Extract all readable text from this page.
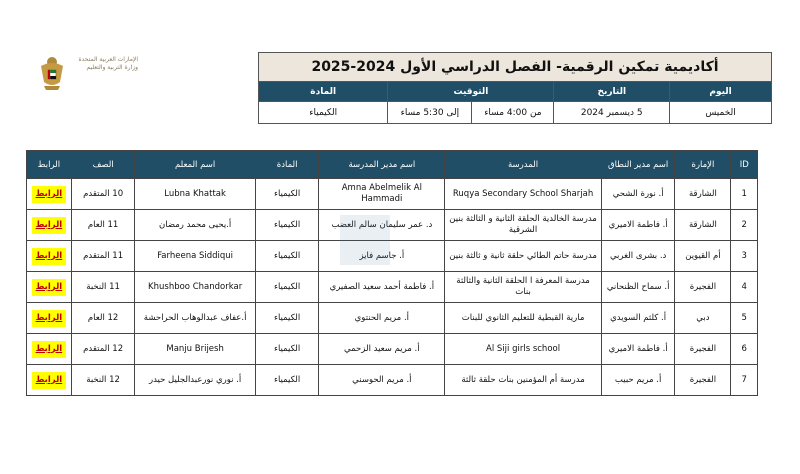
الإمارات العربية المتحدة وزارة التربية والتعليم	أكاديمية تمكين الرقمية- الفصل الدراسي الأول 2024-2025				
المادة	التوقيت		التاريخ	اليوم
الكيمياء	إلى 5:30 مساء	من 4:00 مساء	5 ديسمبر 2024	الخميس
الرابط	الصف	اسم المعلم	المادة	اسم مدير المدرسة	المدرسة	اسم مدير النطاق	الإمارة	ID
الرابط	10 المتقدم	Lubna Khattak	الكيمياء	Amna Abelmelik Al Hammadi	Ruqya Secondary School Sharjah	أ. نورة الشحي	الشارقة	1
الرابط	11 العام	أ.يحيى محمد رمضان	الكيمياء	د. عمر سليمان سالم العضب	مدرسة الخالدية الحلقة الثانية و الثالثة بنين الشرقية	أ. فاطمة الاميري	الشارقة	2
الرابط	11 المتقدم	Farheena Siddiqui	الكيمياء	أ. جاسم فايز	مدرسة حاتم الطائي حلقة ثانية و ثالثة بنين	د. بشرى الغربي	أم القيوين	3
الرابط	11 النخبة	Khushboo Chandorkar	الكيمياء	أ. فاطمة أحمد سعيد الصفيري	مدرسة المعرفة ا الحلقة الثانية والثالثة بنات	أ. سماح الظنحاني	الفجيرة	4
الرابط	12 العام	أ.عفاف عبدالوهاب الحراحشة	الكيمياء	أ. مريم الحنتوي	مارية القبطية للتعليم الثانوي للبنات	أ. كلثم السويدي	دبي	5
الرابط	12 المتقدم	Manju Brijesh	الكيمياء	أ. مريم سعيد الزحمي	Al Siji girls school	أ. فاطمة الاميري	الفجيرة	6
الرابط	12 النخبة	أ. نوري نورعبدالجليل حيدر	الكيمياء	أ. مريم الحوسني	مدرسة أم المؤمنين بنات حلقة ثالثة	أ. مريم حبيب	الفجيرة	7
